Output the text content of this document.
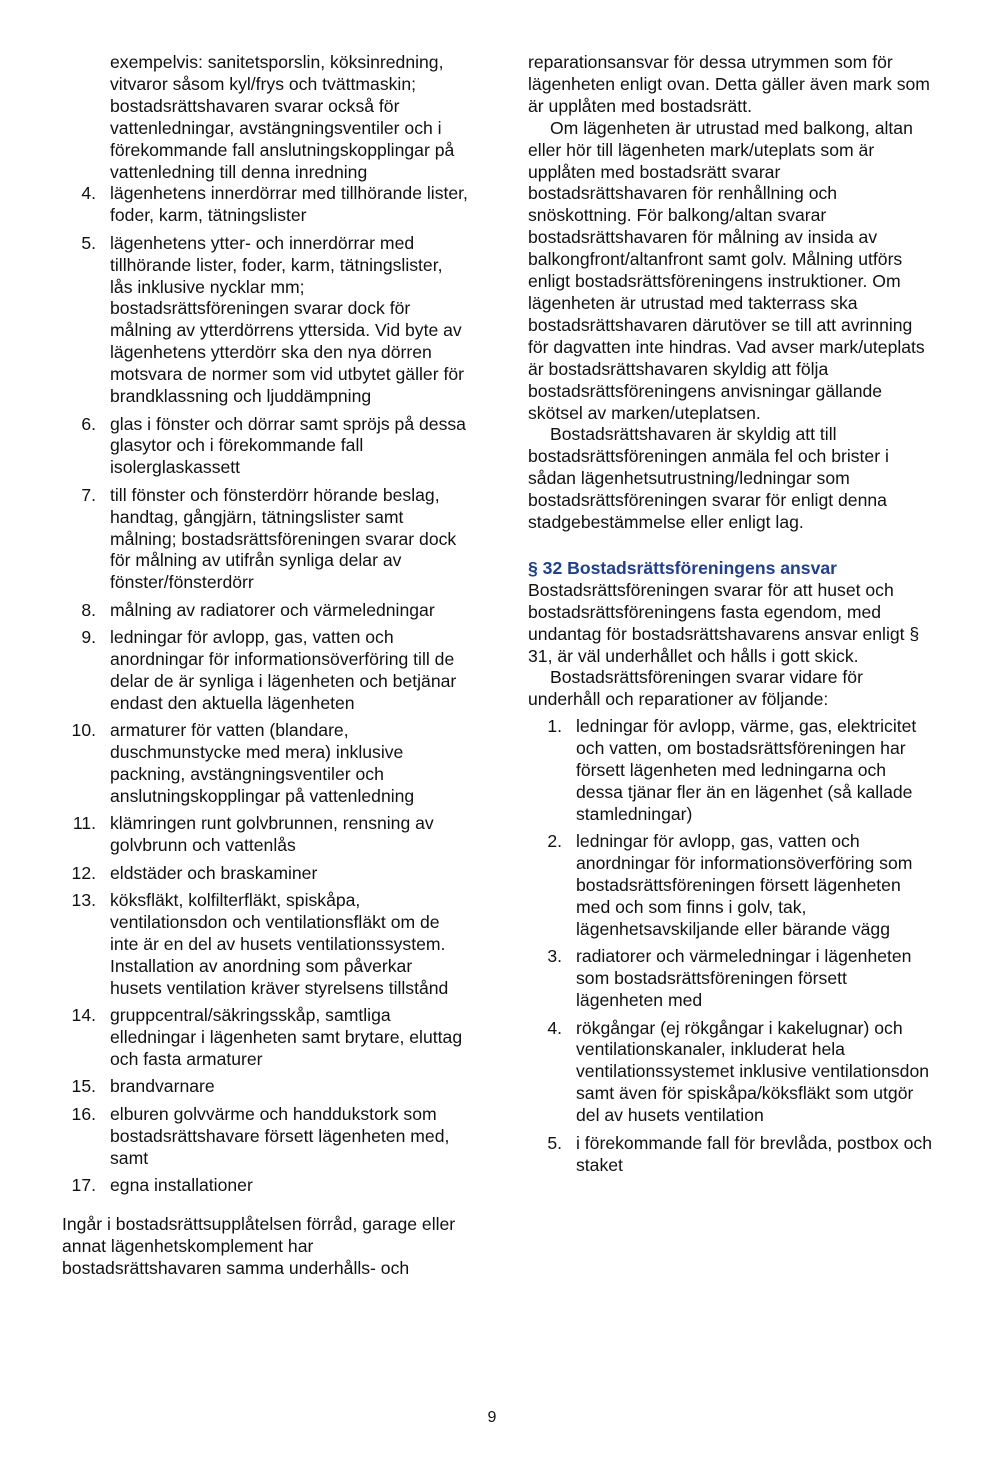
exempelvis: sanitetsporslin, köksinredning, vitvaror såsom kyl/frys och tvättmaskin; bostadsrättshavaren svarar också för vattenledningar, avstängningsventiler och i förekommande fall anslutningskopplingar på vattenledning till denna inredning

4. lägenhetens innerdörrar med tillhörande lister, foder, karm, tätningslister
5. lägenhetens ytter- och innerdörrar med tillhörande lister, foder, karm, tätningslister, lås inklusive nycklar mm; bostadsrättsföreningen svarar dock för målning av ytterdörrens yttersida. Vid byte av lägenhetens ytterdörr ska den nya dörren motsvara de normer som vid utbytet gäller för brandklassning och ljuddämpning
6. glas i fönster och dörrar samt spröjs på dessa glasytor och i förekommande fall isolerglaskassett
7. till fönster och fönsterdörr hörande beslag, handtag, gångjärn, tätningslister samt målning; bostadsrättsföreningen svarar dock för målning av utifrån synliga delar av fönster/fönsterdörr
8. målning av radiatorer och värmeledningar
9. ledningar för avlopp, gas, vatten och anordningar för informationsöverföring till de delar de är synliga i lägenheten och betjänar endast den aktuella lägenheten
10. armaturer för vatten (blandare, duschmunstycke med mera) inklusive packning, avstängningsventiler och anslutningskopplingar på vattenledning
11. klämringen runt golvbrunnen, rensning av golvbrunn och vattenlås
12. eldstäder och braskaminer
13. köksfläkt, kolfilterfläkt, spiskåpa, ventilationsdon och ventilationsfläkt om de inte är en del av husets ventilationssystem. Installation av anordning som påverkar husets ventilation kräver styrelsens tillstånd
14. gruppcentral/säkringsskåp, samtliga elledningar i lägenheten samt brytare, eluttag och fasta armaturer
15. brandvarnare
16. elburen golvvärme och handdukstork som bostadsrättshavare försett lägenheten med, samt
17. egna installationer

Ingår i bostadsrättsupplåtelsen förråd, garage eller annat lägenhetskomplement har bostadsrättshavaren samma underhålls- och

reparationsansvar för dessa utrymmen som för lägenheten enligt ovan. Detta gäller även mark som är upplåten med bostadsrätt.

Om lägenheten är utrustad med balkong, altan eller hör till lägenheten mark/uteplats som är upplåten med bostadsrätt svarar bostadsrättshavaren för renhållning och snöskottning. För balkong/altan svarar bostadsrättshavaren för målning av insida av balkongfront/altanfront samt golv. Målning utförs enligt bostadsrättsföreningens instruktioner. Om lägenheten är utrustad med takterrass ska bostadsrättshavaren därutöver se till att avrinning för dagvatten inte hindras. Vad avser mark/uteplats är bostadsrättshavaren skyldig att följa bostadsrättsföreningens anvisningar gällande skötsel av marken/uteplatsen.

Bostadsrättshavaren är skyldig att till bostadsrättsföreningen anmäla fel och brister i sådan lägenhetsutrustning/ledningar som bostadsrättsföreningen svarar för enligt denna stadgebestämmelse eller enligt lag.

§ 32 Bostadsrättsföreningens ansvar

Bostadsrättsföreningen svarar för att huset och bostadsrättsföreningens fasta egendom, med undantag för bostadsrättshavarens ansvar enligt § 31, är väl underhållet och hålls i gott skick.

Bostadsrättsföreningen svarar vidare för underhåll och reparationer av följande:

1. ledningar för avlopp, värme, gas, elektricitet och vatten, om bostadsrättsföreningen har försett lägenheten med ledningarna och dessa tjänar fler än en lägenhet (så kallade stamledningar)
2. ledningar för avlopp, gas, vatten och anordningar för informationsöverföring som bostadsrättsföreningen försett lägenheten med och som finns i golv, tak, lägenhetsavskiljande eller bärande vägg
3. radiatorer och värmeledningar i lägenheten som bostadsrättsföreningen försett lägenheten med
4. rökgångar (ej rökgångar i kakelugnar) och ventilationskanaler, inkluderat hela ventilationssystemet inklusive ventilationsdon samt även för spiskåpa/köksfläkt som utgör del av husets ventilation
5. i förekommande fall för brevlåda, postbox och staket
9
